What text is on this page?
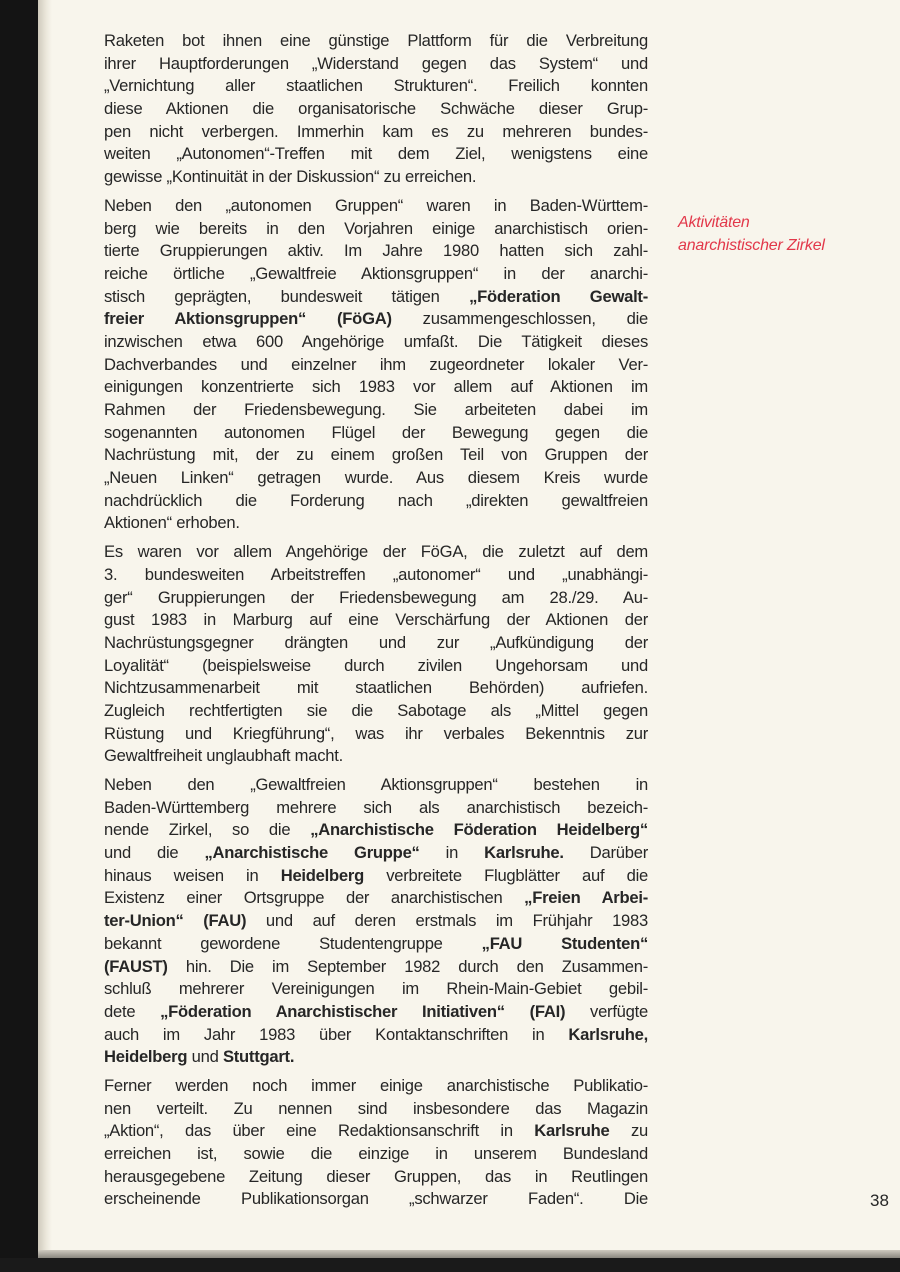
Raketen bot ihnen eine günstige Plattform für die Verbreitung
ihrer Hauptforderungen „Widerstand gegen das System“ und
„Vernichtung aller staatlichen Strukturen“. Freilich konnten
diese Aktionen die organisatorische Schwäche dieser Grup-
pen nicht verbergen. Immerhin kam es zu mehreren bundes-
weiten „Autonomen“-Treffen mit dem Ziel, wenigstens eine
gewisse „Kontinuität in der Diskussion“ zu erreichen.
Neben den „autonomen Gruppen“ waren in Baden-Württem-
berg wie bereits in den Vorjahren einige anarchistisch orien-
tierte Gruppierungen aktiv. Im Jahre 1980 hatten sich zahl-
reiche örtliche „Gewaltfreie Aktionsgruppen“ in der anarchi-
stisch geprägten, bundesweit tätigen „Föderation Gewalt-
freier Aktionsgruppen“ (FöGA) zusammengeschlossen, die
inzwischen etwa 600 Angehörige umfaßt. Die Tätigkeit dieses
Dachverbandes und einzelner ihm zugeordneter lokaler Ver-
einigungen konzentrierte sich 1983 vor allem auf Aktionen im
Rahmen der Friedensbewegung. Sie arbeiteten dabei im
sogenannten autonomen Flügel der Bewegung gegen die
Nachrüstung mit, der zu einem großen Teil von Gruppen der
„Neuen Linken“ getragen wurde. Aus diesem Kreis wurde
nachdrücklich die Forderung nach „direkten gewaltfreien
Aktionen“ erhoben.
Es waren vor allem Angehörige der FöGA, die zuletzt auf dem
3. bundesweiten Arbeitstreffen „autonomer“ und „unabhängi-
ger“ Gruppierungen der Friedensbewegung am 28./29. Au-
gust 1983 in Marburg auf eine Verschärfung der Aktionen der
Nachrüstungsgegner drängten und zur „Aufkündigung der
Loyalität“ (beispielsweise durch zivilen Ungehorsam und
Nichtzusammenarbeit mit staatlichen Behörden) aufriefen.
Zugleich rechtfertigten sie die Sabotage als „Mittel gegen
Rüstung und Kriegführung“, was ihr verbales Bekenntnis zur
Gewaltfreiheit unglaubhaft macht.
Neben den „Gewaltfreien Aktionsgruppen“ bestehen in
Baden-Württemberg mehrere sich als anarchistisch bezeich-
nende Zirkel, so die „Anarchistische Föderation Heidelberg“
und die „Anarchistische Gruppe“ in Karlsruhe. Darüber
hinaus weisen in Heidelberg verbreitete Flugblätter auf die
Existenz einer Ortsgruppe der anarchistischen „Freien Arbei-
ter-Union“ (FAU) und auf deren erstmals im Frühjahr 1983
bekannt gewordene Studentengruppe „FAU Studenten“
(FAUST) hin. Die im September 1982 durch den Zusammen-
schluß mehrerer Vereinigungen im Rhein-Main-Gebiet gebil-
dete „Föderation Anarchistischer Initiativen“ (FAI) verfügte
auch im Jahr 1983 über Kontaktanschriften in Karlsruhe,
Heidelberg und Stuttgart.
Ferner werden noch immer einige anarchistische Publikatio-
nen verteilt. Zu nennen sind insbesondere das Magazin
„Aktion“, das über eine Redaktionsanschrift in Karlsruhe zu
erreichen ist, sowie die einzige in unserem Bundesland
herausgegebene Zeitung dieser Gruppen, das in Reutlingen
erscheinende Publikationsorgan „schwarzer Faden“. Die
Aktivitäten
anarchistischer Zirkel
38
